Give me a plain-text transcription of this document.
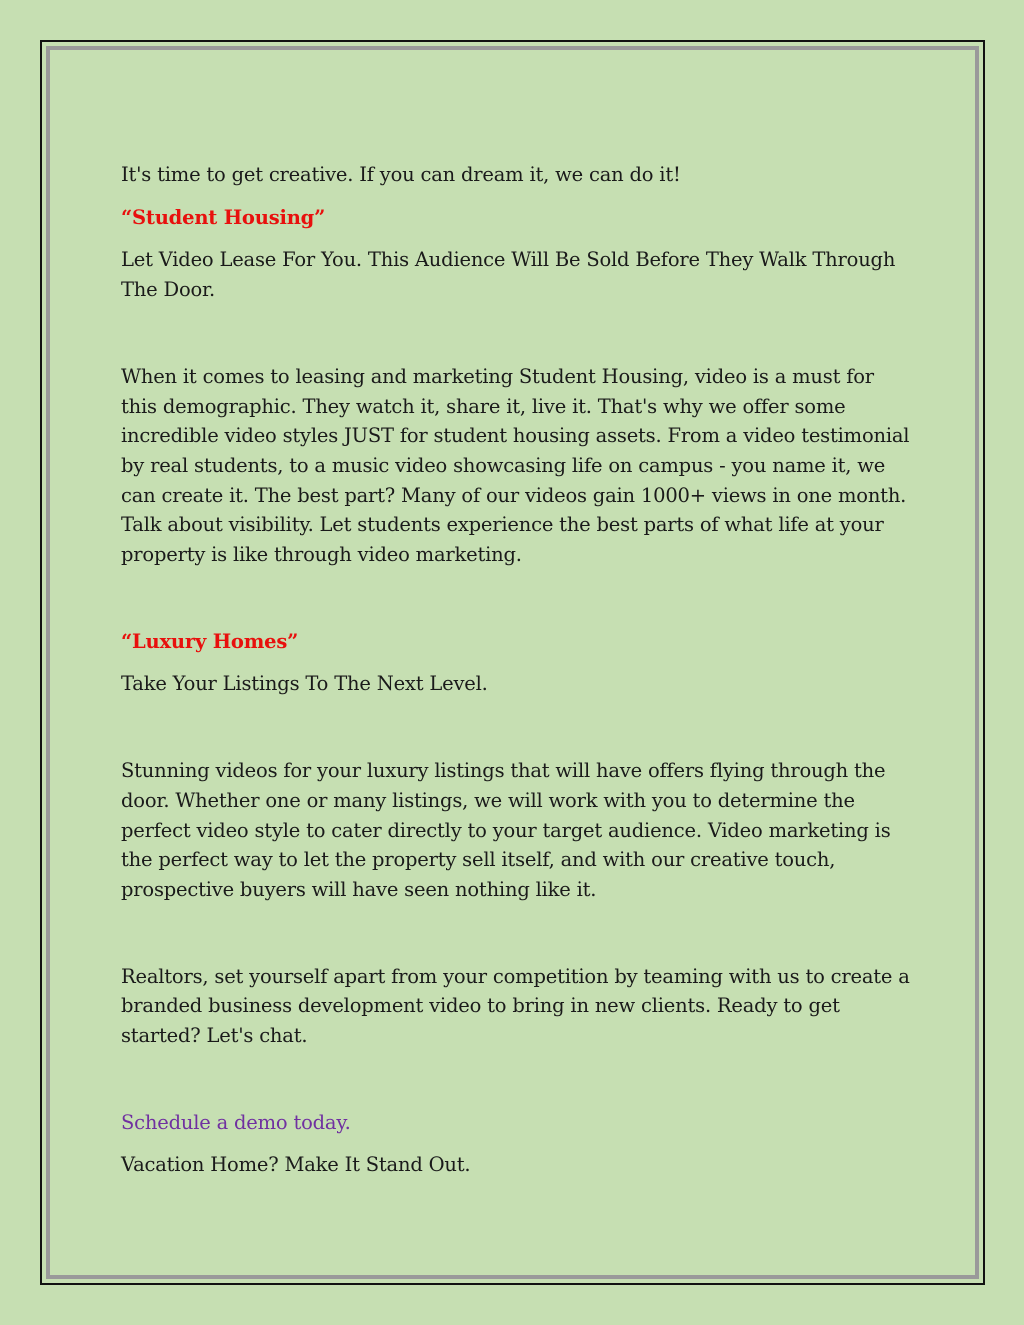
It's time to get creative. If you can dream it, we can do it!

“Student Housing”

Let Video Lease For You. This Audience Will Be Sold Before They Walk Through The Door.

When it comes to leasing and marketing Student Housing, video is a must for this demographic. They watch it, share it, live it. That's why we offer some incredible video styles JUST for student housing assets. From a video testimonial by real students, to a music video showcasing life on campus - you name it, we can create it. The best part? Many of our videos gain 1000+ views in one month. Talk about visibility. Let students experience the best parts of what life at your property is like through video marketing.

“Luxury Homes”

Take Your Listings To The Next Level.

Stunning videos for your luxury listings that will have offers flying through the door. Whether one or many listings, we will work with you to determine the perfect video style to cater directly to your target audience. Video marketing is the perfect way to let the property sell itself, and with our creative touch, prospective buyers will have seen nothing like it.

Realtors, set yourself apart from your competition by teaming with us to create a branded business development video to bring in new clients. Ready to get started? Let's chat.

Schedule a demo today.

Vacation Home? Make It Stand Out.
